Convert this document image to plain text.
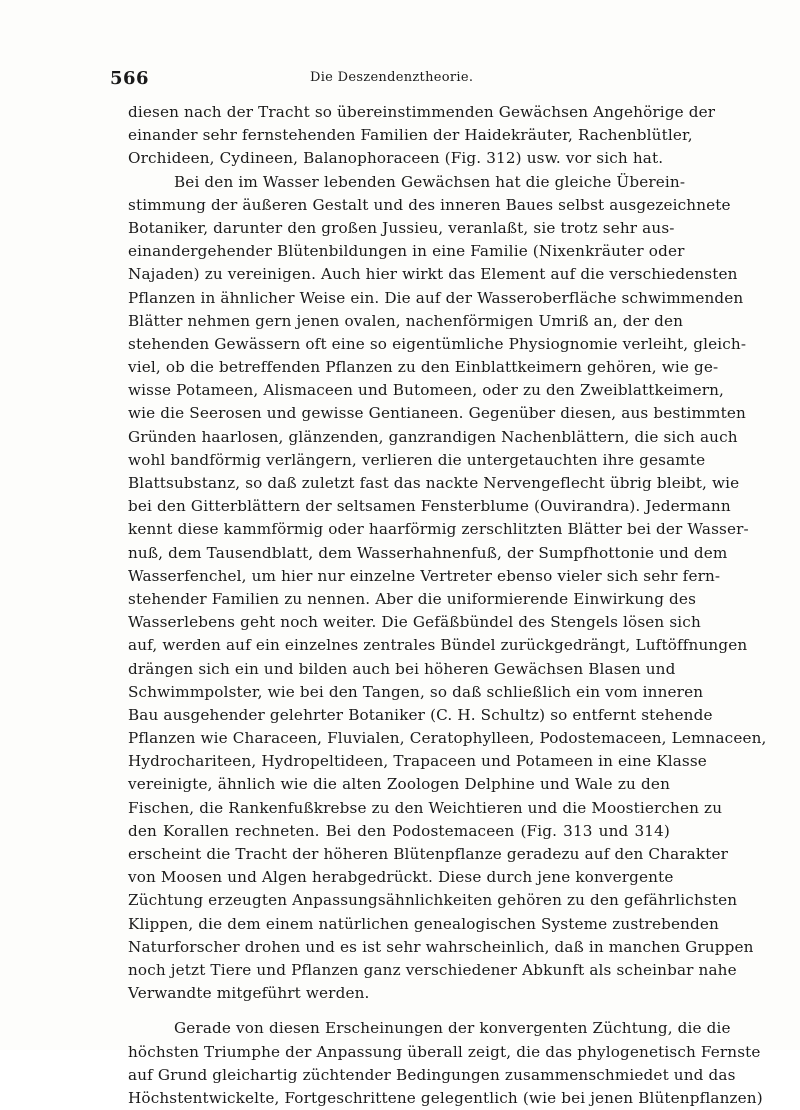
566	Die Deszendenztheorie.
diesen nach der Tracht so übereinstimmenden Gewächsen Angehörige der
einander sehr fernstehenden Familien der Haidekräuter, Rachenblütler,
Orchideen, Cydineen, Balanophoraceen (Fig. 312) usw. vor sich hat.
Bei den im Wasser lebenden Gewächsen hat die gleiche Überein-
stimmung der äußeren Gestalt und des inneren Baues selbst ausgezeichnete
Botaniker, darunter den großen Jussieu, veranlaßt, sie trotz sehr aus-
einandergehender Blütenbildungen in eine Familie (Nixenkräuter oder
Najaden) zu vereinigen. Auch hier wirkt das Element auf die verschiedensten
Pflanzen in ähnlicher Weise ein. Die auf der Wasseroberfläche schwimmenden
Blätter nehmen gern jenen ovalen, nachenförmigen Umriß an, der den
stehenden Gewässern oft eine so eigentümliche Physiognomie verleiht, gleich-
viel, ob die betreffenden Pflanzen zu den Einblattkeimern gehören, wie ge-
wisse Potameen, Alismaceen und Butomeen, oder zu den Zweiblattkeimern,
wie die Seerosen und gewisse Gentianeen. Gegenüber diesen, aus bestimmten
Gründen haarlosen, glänzenden, ganzrandigen Nachenblättern, die sich auch
wohl bandförmig verlängern, verlieren die untergetauchten ihre gesamte
Blattsubstanz, so daß zuletzt fast das nackte Nervengeflecht übrig bleibt, wie
bei den Gitterblättern der seltsamen Fensterblume (Ouvirandra). Jedermann
kennt diese kammförmig oder haarförmig zerschlitzten Blätter bei der Wasser-
nuß, dem Tausendblatt, dem Wasserhahnenfuß, der Sumpfhottonie und dem
Wasserfenchel, um hier nur einzelne Vertreter ebenso vieler sich sehr fern-
stehender Familien zu nennen. Aber die uniformierende Einwirkung des
Wasserlebens geht noch weiter. Die Gefäßbündel des Stengels lösen sich
auf, werden auf ein einzelnes zentrales Bündel zurückgedrängt, Luftöffnungen
drängen sich ein und bilden auch bei höheren Gewächsen Blasen und
Schwimmpolster, wie bei den Tangen, so daß schließlich ein vom inneren
Bau ausgehender gelehrter Botaniker (C. H. Schultz) so entfernt stehende
Pflanzen wie Characeen, Fluvialen, Ceratophylleen, Podostemaceen, Lemnaceen,
Hydrochariteen, Hydropeltideen, Trapaceen und Potameen in eine Klasse
vereinigte, ähnlich wie die alten Zoologen Delphine und Wale zu den
Fischen, die Rankenfußkrebse zu den Weichtieren und die Moostierchen zu
den Korallen rechneten. Bei den Podostemaceen (Fig. 313 und 314)
erscheint die Tracht der höheren Blütenpflanze geradezu auf den Charakter
von Moosen und Algen herabgedrückt. Diese durch jene konvergente
Züchtung erzeugten Anpassungsähnlichkeiten gehören zu den gefährlichsten
Klippen, die dem einem natürlichen genealogischen Systeme zustrebenden
Naturforscher drohen und es ist sehr wahrscheinlich, daß in manchen Gruppen
noch jetzt Tiere und Pflanzen ganz verschiedener Abkunft als scheinbar nahe
Verwandte mitgeführt werden.
Gerade von diesen Erscheinungen der konvergenten Züchtung, die die
höchsten Triumphe der Anpassung überall zeigt, die das phylogenetisch Fernste
auf Grund gleichartig züchtender Bedingungen zusammenschmiedet und das
Höchstentwickelte, Fortgeschrittene gelegentlich (wie bei jenen Blütenpflanzen)
